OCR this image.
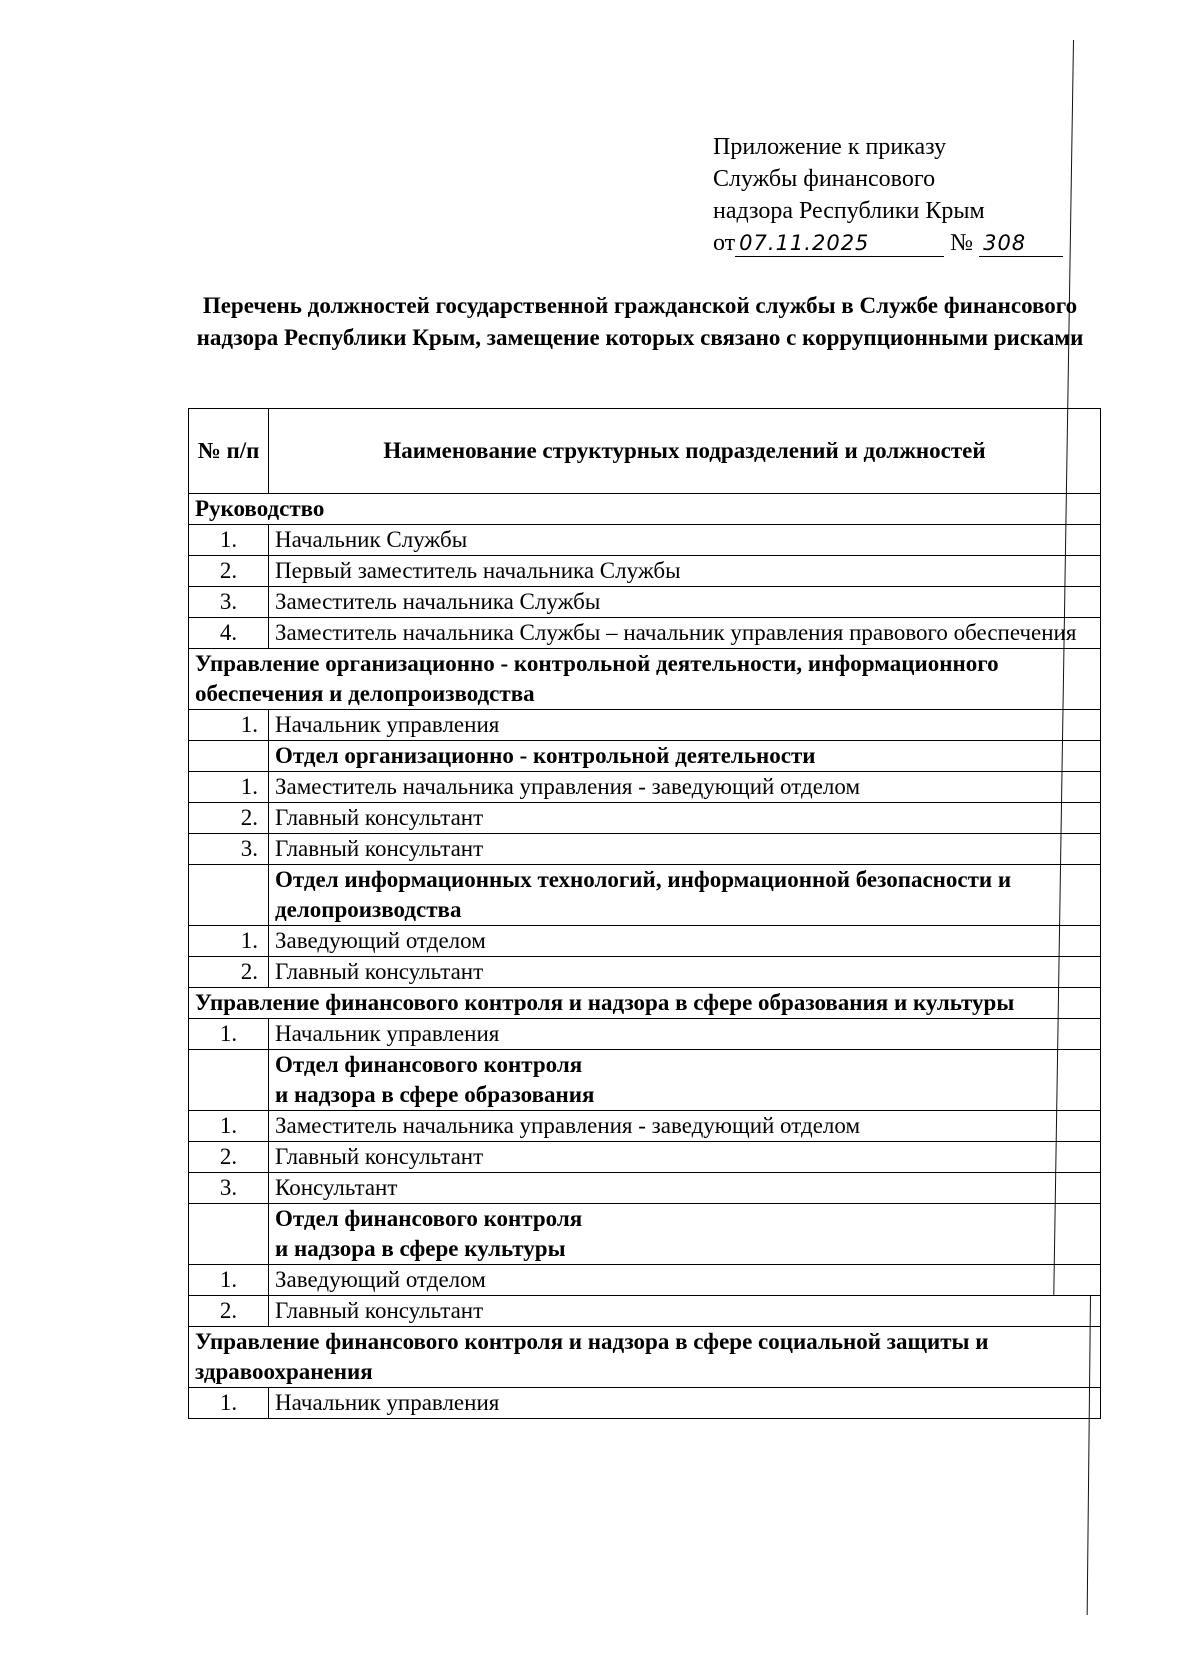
Приложение к приказу
Службы финансового
надзора Республики Крым
от 07.11.2025	№ 308
Перечень должностей государственной гражданской службы в Службе финансового надзора Республики Крым, замещение которых связано с коррупционными рисками
№ п/п	Наименование структурных подразделений и должностей
Руководство	
1.	Начальник Службы
2.	Первый заместитель начальника Службы
3.	Заместитель начальника Службы
4.	Заместитель начальника Службы – начальник управления правового обеспечения
Управление организационно - контрольной деятельности, информационного обеспечения и делопроизводства	
1.	Начальник управления
	Отдел организационно - контрольной деятельности
1.	Заместитель начальника управления - заведующий отделом
2.	Главный консультант
3.	Главный консультант
	Отдел информационных технологий, информационной безопасности и делопроизводства
1.	Заведующий отделом
2.	Главный консультант
Управление финансового контроля и надзора в сфере образования и культуры	
1.	Начальник управления

	Отдел финансового контроля
и надзора в сфере образования

1.	Заместитель начальника управления - заведующий отделом
2.	Главный консультант
3.	Консультант

	Отдел финансового контроля
и надзора в сфере культуры

1.	Заведующий отделом
2.	Главный консультант
Управление финансового контроля и надзора в сфере социальной защиты и здравоохранения	
1.	Начальник управления
